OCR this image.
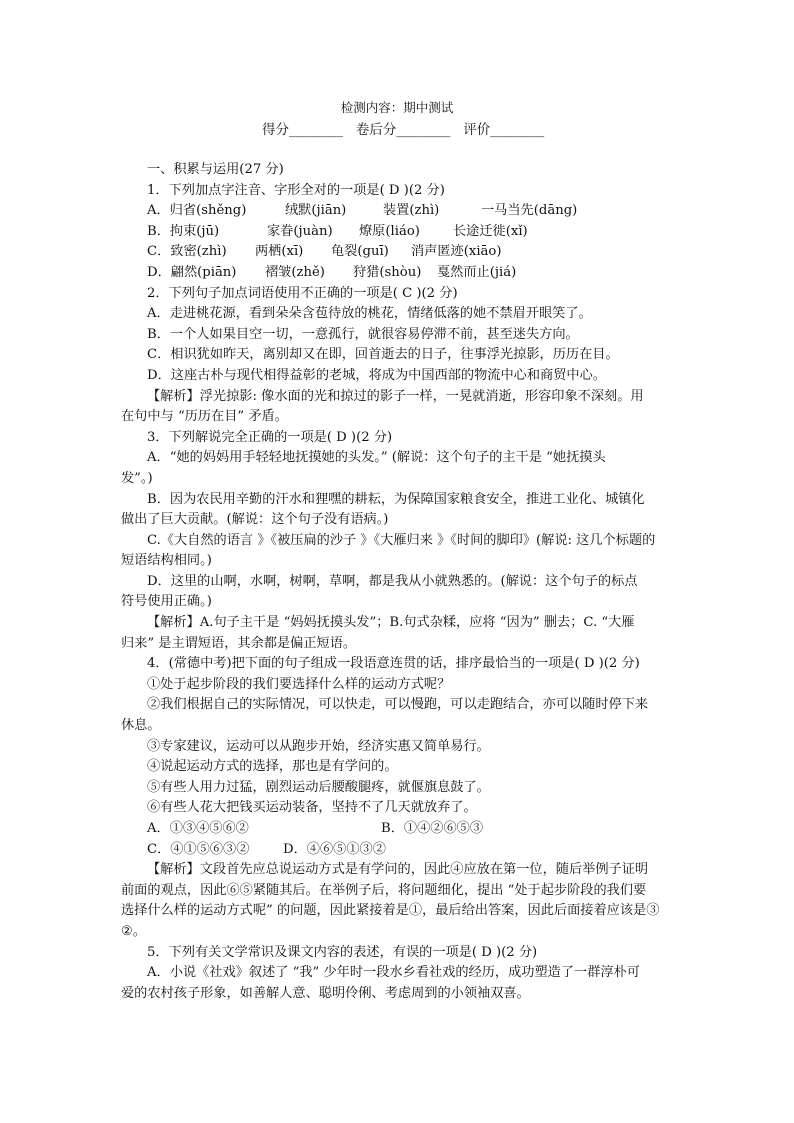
检测内容：期中测试
得分________   卷后分________   评价________

一、积累与运用(27 分)

1．下列加点字注音、字形全对的一项是( D )(2 分)

A．归省(shěng)	绒默(jiān)	装置(zhì)	一马当先(dāng)

B．拘束(jū)	家眷(juàn) 燎原(liáo)	长途迁徙(xǐ)

C．致密(zhì) 两栖(xī) 龟裂(guī) 消声匿迹(xiāo)

D．翩然(piān) 褶皱(zhě) 狩猎(shòu) 戛然而止(jiá)

2．下列句子加点词语使用不正确的一项是( C )(2 分)

A．走进桃花源，看到朵朵含苞待放的桃花，情绪低落的她不禁眉开眼笑了。

B．一个人如果目空一切，一意孤行，就很容易停滞不前，甚至迷失方向。

C．相识犹如昨天，离别却又在即，回首逝去的日子，往事浮光掠影，历历在目。

D．这座古朴与现代相得益彰的老城，将成为中国西部的物流中心和商贸中心。

【解析】浮光掠影: 像水面的光和掠过的影子一样，一晃就消逝，形容印象不深刻。用

在句中与 “历历在目” 矛盾。

3．下列解说完全正确的一项是( D )(2 分)

A．“她的妈妈用手轻轻地抚摸她的头发。” (解说：这个句子的主干是 “她抚摸头

发”。)

B．因为农民用辛勤的汗水和狸嘿的耕耘，为保障国家粮食安全，推进工业化、城镇化

做出了巨大贡献。(解说：这个句子没有语病。)

C.《大自然的语言 》《被压扁的沙子 》《大雁归来 》《时间的脚印》(解说: 这几个标题的

短语结构相同。)

D．这里的山啊，水啊，树啊，草啊，都是我从小就熟悉的。(解说：这个句子的标点

符号使用正确。)

【解析】A.句子主干是 “妈妈抚摸头发”；B.句式杂糅，应将 “因为” 删去；C. “大雁

归来” 是主谓短语，其余都是偏正短语。

4．(常德中考)把下面的句子组成一段语意连贯的话，排序最恰当的一项是( D )(2 分)

①处于起步阶段的我们要选择什么样的运动方式呢？

②我们根据自己的实际情况，可以快走，可以慢跑，可以走跑结合，亦可以随时停下来

休息。

③专家建议，运动可以从跑步开始，经济实惠又简单易行。

④说起运动方式的选择，那也是有学问的。

⑤有些人用力过猛，剧烈运动后腰酸腿疼，就偃旗息鼓了。

⑥有些人花大把钱买运动装备，坚持不了几天就放弃了。

A．①③④⑤⑥②	B．①④②⑥⑤③

C．④①⑤⑥③②	D．④⑥⑤①③②

【解析】文段首先应总说运动方式是有学问的，因此④应放在第一位，随后举例子证明

前面的观点，因此⑥⑤紧随其后。在举例子后，将问题细化，提出 “处于起步阶段的我们要

选择什么样的运动方式呢” 的问题，因此紧接着是①，最后给出答案，因此后面接着应该是③

②。

5．下列有关文学常识及课文内容的表述，有误的一项是( D )(2 分)

A．小说《社戏》叙述了 “我” 少年时一段水乡看社戏的经历，成功塑造了一群淳朴可

爱的农村孩子形象，如善解人意、聪明伶俐、考虑周到的小领袖双喜。
